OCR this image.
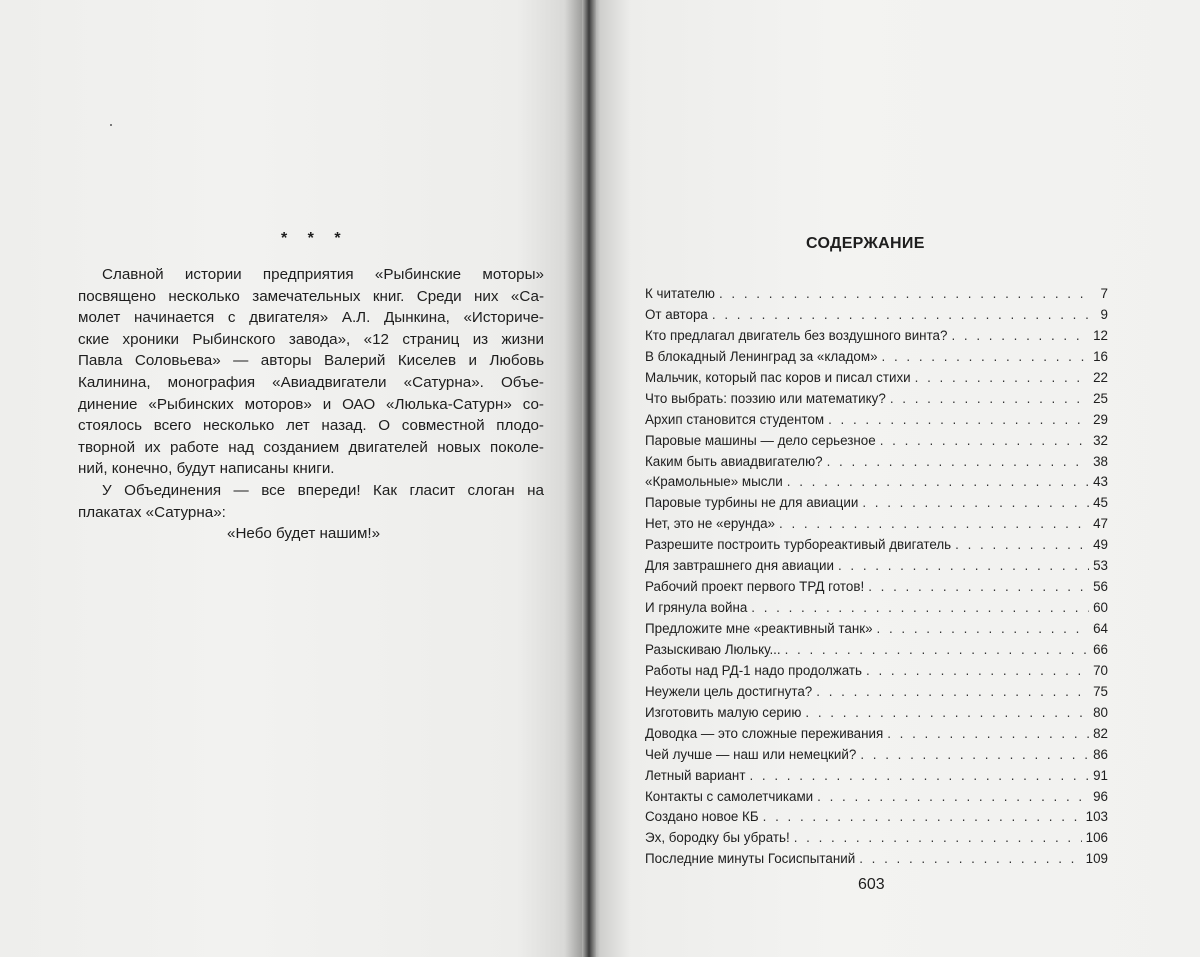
* * *
Славной истории предприятия «Рыбинские моторы»
посвящено несколько замечательных книг. Среди них «Са-
молет начинается с двигателя» А.Л. Дынкина, «Историче-
ские хроники Рыбинского завода», «12 страниц из жизни
Павла Соловьева» — авторы Валерий Киселев и Любовь
Калинина, монография «Авиадвигатели «Сатурна». Объе-
динение «Рыбинских моторов» и ОАО «Люлька-Сатурн» со-
стоялось всего несколько лет назад. О совместной плодо-
творной их работе над созданием двигателей новых поколе-
ний, конечно, будут написаны книги.
У Объединения — все впереди! Как гласит слоган на
плакатах «Сатурна»:
«Небо будет нашим!»
СОДЕРЖАНИЕ
К читателю . . .	7
От автора . . .	9
Кто предлагал двигатель без воздушного винта? . . .	12
В блокадный Ленинград за «кладом» . . .	16
Мальчик, который пас коров и писал стихи . . .	22
Что выбрать: поэзию или математику? . . .	25
Архип становится студентом . . .	29
Паровые машины — дело серьезное . . .	32
Каким быть авиадвигателю? . . .	38
«Крамольные» мысли . . .	43
Паровые турбины не для авиации . . .	45
Нет, это не «ерунда» . . .	47
Разрешите построить турбореактивый двигатель . . .	49
Для завтрашнего дня авиации . . .	53
Рабочий проект первого ТРД готов! . . .	56
И грянула война . . .	60
Предложите мне «реактивный танк» . . .	64
Разыскиваю Люльку... . . .	66
Работы над РД-1 надо продолжать . . .	70
Неужели цель достигнута? . . .	75
Изготовить малую серию . . .	80
Доводка — это сложные переживания . . .	82
Чей лучше — наш или немецкий? . . .	86
Летный вариант . . .	91
Контакты с самолетчиками . . .	96
Создано новое КБ . . .	103
Эх, бородку бы убрать! . . .	106
Последние минуты Госиспытаний . . .	109
603
